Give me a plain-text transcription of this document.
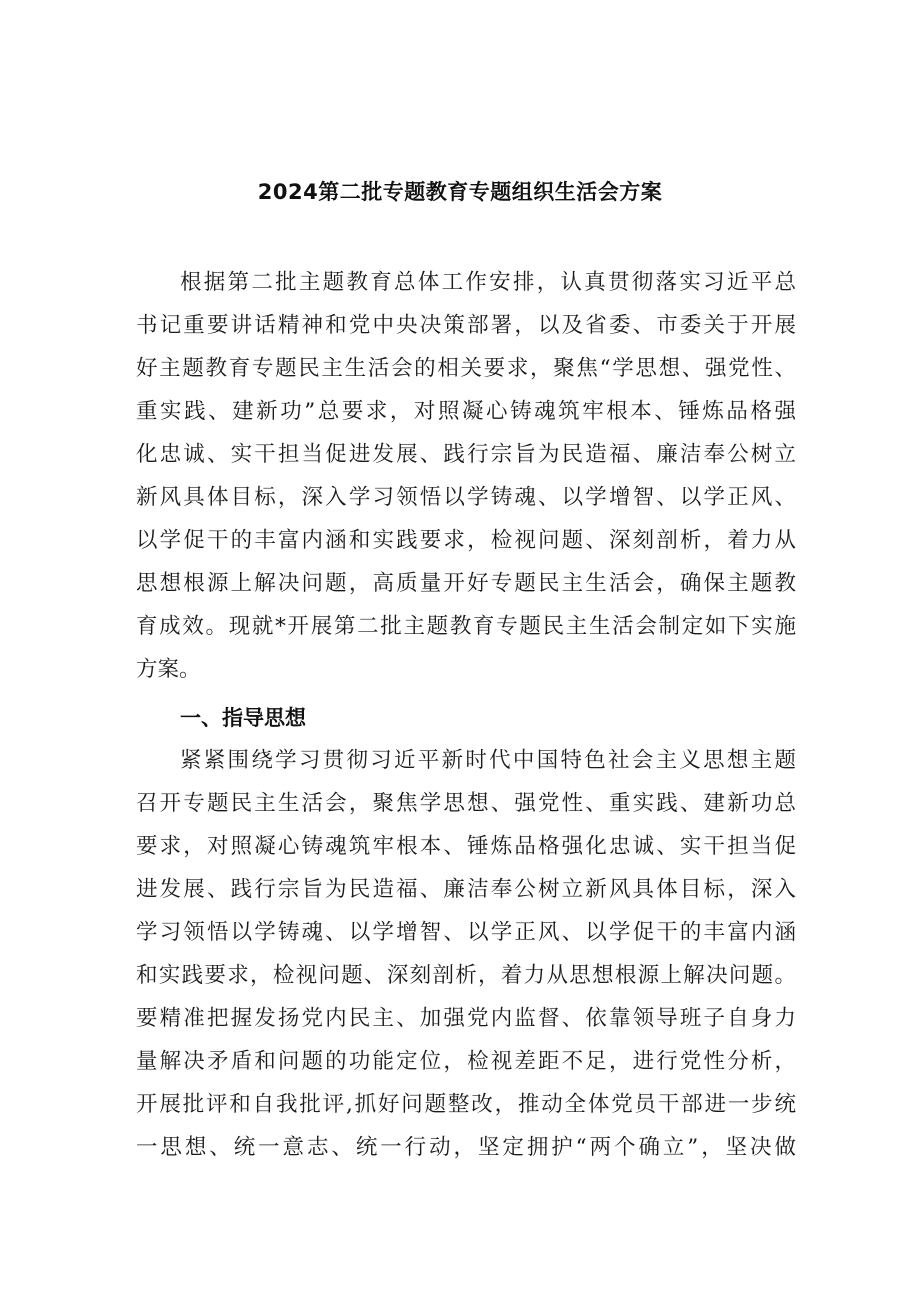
2024第二批专题教育专题组织生活会方案

根据第二批主题教育总体工作安排，认真贯彻落实习近平总

书记重要讲话精神和党中央决策部署，以及省委、市委关于开展

好主题教育专题民主生活会的相关要求，聚焦“学思想、强党性、

重实践、建新功”总要求，对照凝心铸魂筑牢根本、锤炼品格强

化忠诚、实干担当促进发展、践行宗旨为民造福、廉洁奉公树立

新风具体目标，深入学习领悟以学铸魂、以学增智、以学正风、

以学促干的丰富内涵和实践要求，检视问题、深刻剖析，着力从

思想根源上解决问题，高质量开好专题民主生活会，确保主题教

育成效。现就*开展第二批主题教育专题民主生活会制定如下实施

方案。

一、指导思想

紧紧围绕学习贯彻习近平新时代中国特色社会主义思想主题

召开专题民主生活会，聚焦学思想、强党性、重实践、建新功总

要求，对照凝心铸魂筑牢根本、锤炼品格强化忠诚、实干担当促

进发展、践行宗旨为民造福、廉洁奉公树立新风具体目标，深入

学习领悟以学铸魂、以学增智、以学正风、以学促干的丰富内涵

和实践要求，检视问题、深刻剖析，着力从思想根源上解决问题。

要精准把握发扬党内民主、加强党内监督、依靠领导班子自身力

量解决矛盾和问题的功能定位，检视差距不足，进行党性分析，

开展批评和自我批评,抓好问题整改，推动全体党员干部进一步统

一思想、统一意志、统一行动，坚定拥护“两个确立”，坚决做
